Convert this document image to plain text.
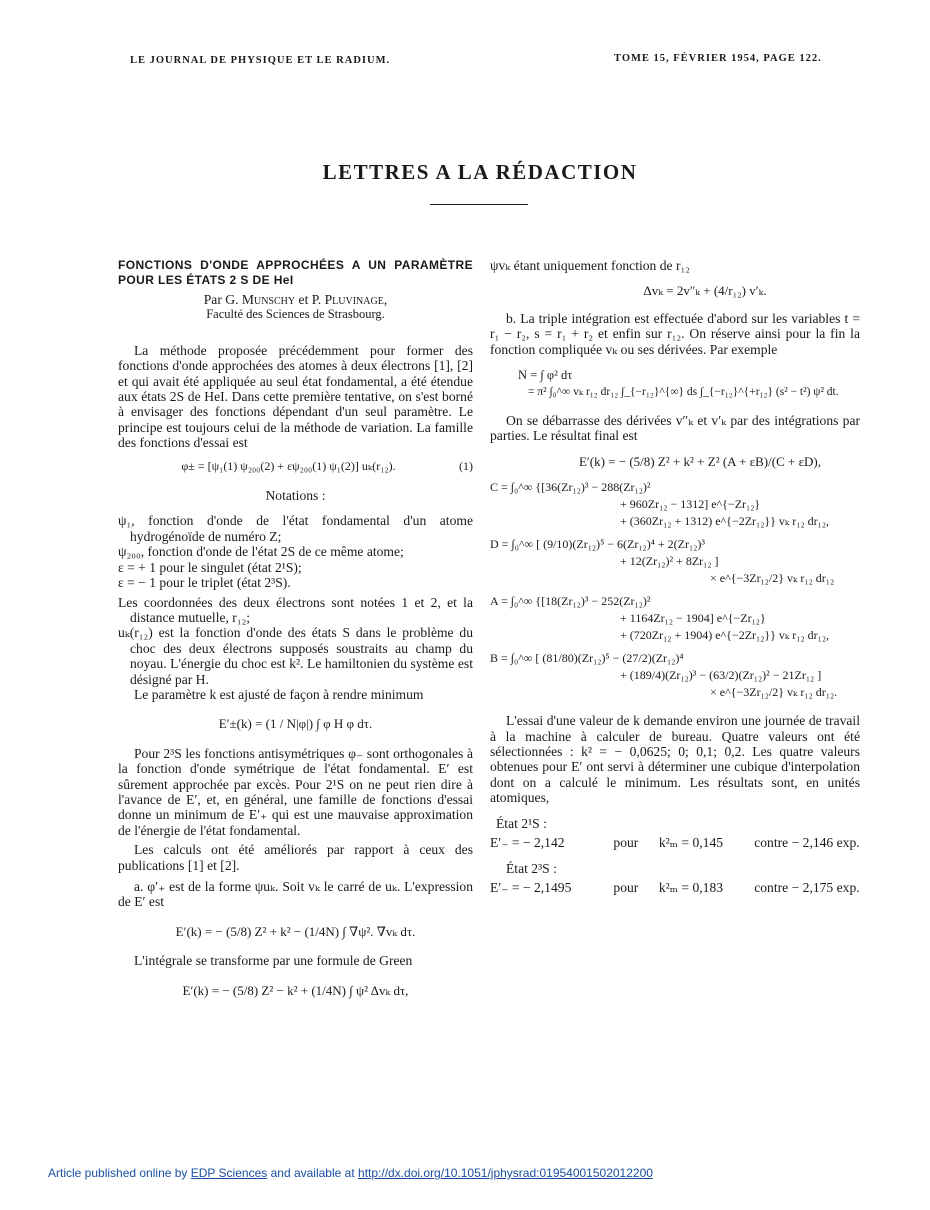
LE JOURNAL DE PHYSIQUE ET LE RADIUM.	TOME 15, FÉVRIER 1954, PAGE 122.
LETTRES A LA RÉDACTION

FONCTIONS D'ONDE APPROCHÉES A UN PARAMÈTRE POUR LES ÉTATS 2 S DE HeI

Par G. Munschy et P. Pluvinage,

Faculté des Sciences de Strasbourg.

La méthode proposée précédemment pour former des fonctions d'onde approchées des atomes à deux électrons [1], [2] et qui avait été appliquée au seul état fondamental, a été étendue aux états 2S de HeI. Dans cette première tentative, on s'est borné à envisager des fonctions dépendant d'un seul paramètre. Le principe est toujours celui de la méthode de variation. La famille des fonctions d'essai est

φ± = [ψ₁(1) ψ₂₀₀(2) + εψ₂₀₀(1) ψ₁(2)] uₖ(r₁₂).	(1)

Notations :

ψ₁, fonction d'onde de l'état fondamental d'un atome hydrogénoïde de numéro Z;

ψ₂₀₀, fonction d'onde de l'état 2S de ce même atome;

ε = + 1 pour le singulet (état 2¹S);

ε = − 1 pour le triplet (état 2³S).

Les coordonnées des deux électrons sont notées 1 et 2, et la distance mutuelle, r₁₂;

uₖ(r₁₂) est la fonction d'onde des états S dans le problème du choc des deux électrons supposés soustraits au champ du noyau. L'énergie du choc est k². Le hamiltonien du système est désigné par H.

Le paramètre k est ajusté de façon à rendre minimum

E′±(k) = (1 / N|φ|) ∫ φ H φ dτ.

Pour 2³S les fonctions antisymétriques φ₋ sont orthogonales à la fonction d'onde symétrique de l'état fondamental. E′ est sûrement approchée par excès. Pour 2¹S on ne peut rien dire à l'avance de E′, et, en général, une famille de fonctions d'essai donne un minimum de E′₊ qui est une mauvaise approximation de l'énergie de l'état fondamental.

Les calculs ont été améliorés par rapport à ceux des publications [1] et [2].

a. φ′₊ est de la forme ψuₖ. Soit vₖ le carré de uₖ. L'expression de E′ est

E′(k) = − (5/8) Z² + k² − (1/4N) ∫ ∇ψ². ∇vₖ dτ.

L'intégrale se transforme par une formule de Green

E′(k) = − (5/8) Z² − k² + (1/4N) ∫ ψ² Δvₖ dτ,

ψvₖ étant uniquement fonction de r₁₂

Δvₖ = 2v″ₖ + (4/r₁₂) v′ₖ.

b. La triple intégration est effectuée d'abord sur les variables t = r₁ − r₂, s = r₁ + r₂ et enfin sur r₁₂. On réserve ainsi pour la fin la fonction compliquée vₖ ou ses dérivées. Par exemple

N = ∫ φ² dτ
= π² ∫₀^∞ vₖ r₁₂ dr₁₂ ∫_{−r₁₂}^{∞} ds ∫_{−r₁₂}^{+r₁₂} (s² − t²) ψ² dt.

On se débarrasse des dérivées v″ₖ et v′ₖ par des intégrations par parties. Le résultat final est

E′(k) = − (5/8) Z² + k² + Z² (A + εB)/(C + εD),
C = ∫₀^∞ {[36(Zr₁₂)³ − 288(Zr₁₂)²
+ 960Zr₁₂ − 1312] e^{−Zr₁₂}
+ (360Zr₁₂ + 1312) e^{−2Zr₁₂}} vₖ r₁₂ dr₁₂,
D = ∫₀^∞ [ (9/10)(Zr₁₂)⁵ − 6(Zr₁₂)⁴ + 2(Zr₁₂)³
+ 12(Zr₁₂)² + 8Zr₁₂ ]
× e^{−3Zr₁₂/2} vₖ r₁₂ dr₁₂
A = ∫₀^∞ {[18(Zr₁₂)³ − 252(Zr₁₂)²
+ 1164Zr₁₂ − 1904] e^{−Zr₁₂}
+ (720Zr₁₂ + 1904) e^{−2Zr₁₂}} vₖ r₁₂ dr₁₂,
B = ∫₀^∞ [ (81/80)(Zr₁₂)⁵ − (27/2)(Zr₁₂)⁴
+ (189/4)(Zr₁₂)³ − (63/2)(Zr₁₂)² − 21Zr₁₂ ]
× e^{−3Zr₁₂/2} vₖ r₁₂ dr₁₂.

L'essai d'une valeur de k demande environ une journée de travail à la machine à calculer de bureau. Quatre valeurs ont été sélectionnées : k² = − 0,0625; 0; 0,1; 0,2. Les quatre valeurs obtenues pour E′ ont servi à déterminer une cubique d'interpolation dont on a calculé le minimum. Les résultats sont, en unités atomiques,

État 2¹S :

E′₋ = − 2,142	pour k²ₘ = 0,145 contre − 2,146 exp.

État 2³S :

E′₋ = − 2,1495	pour k²ₘ = 0,183 contre − 2,175 exp.
Article published online by EDP Sciences and available at http://dx.doi.org/10.1051/jphysrad:01954001502012200
